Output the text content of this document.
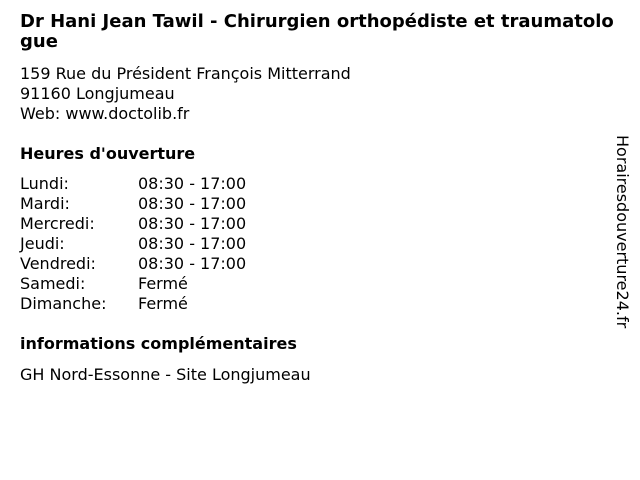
Dr Hani Jean Tawil - Chirurgien orthopédiste et traumatologue
159 Rue du Président François Mitterrand
91160 Longjumeau
Web: www.doctolib.fr
Heures d'ouverture
Lundi:	08:30 - 17:00
Mardi:	08:30 - 17:00
Mercredi:	08:30 - 17:00
Jeudi:	08:30 - 17:00
Vendredi:	08:30 - 17:00
Samedi:	Fermé
Dimanche: Fermé
informations complémentaires
GH Nord-Essonne - Site Longjumeau
Horairesdouverture24.fr
